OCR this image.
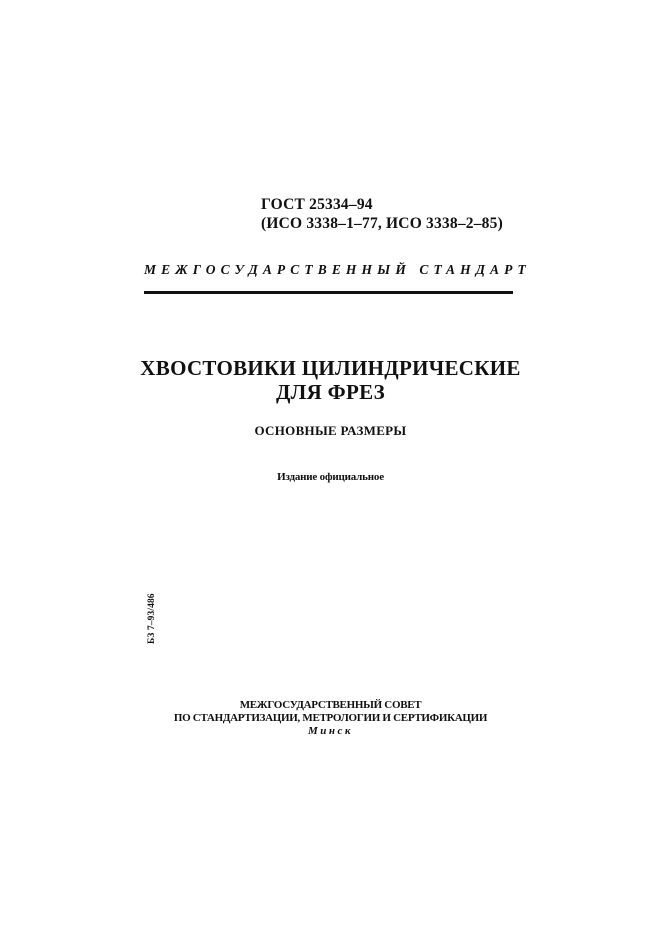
ГОСТ 25334–94
(ИСО 3338–1–77, ИСО 3338–2–85)
МЕЖГОСУДАРСТВЕННЫЙ СТАНДАРТ
ХВОСТОВИКИ ЦИЛИНДРИЧЕСКИЕ
ДЛЯ ФРЕЗ
ОСНОВНЫЕ РАЗМЕРЫ
Издание официальное
БЗ 7–93/486
МЕЖГОСУДАРСТВЕННЫЙ СОВЕТ
ПО СТАНДАРТИЗАЦИИ, МЕТРОЛОГИИ И СЕРТИФИКАЦИИ
Минск
